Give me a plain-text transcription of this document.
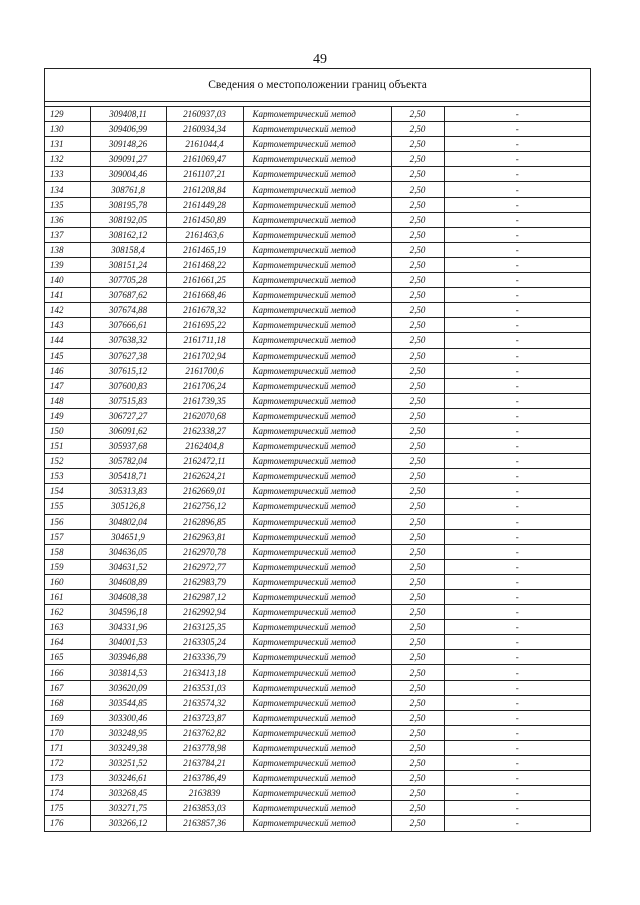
49
Сведения о местоположении границ объекта
129	309408,11	2160937,03	Картометрический метод	2,50	-
130	309406,99	2160934,34	Картометрический метод	2,50	-
131	309148,26	2161044,4	Картометрический метод	2,50	-
132	309091,27	2161069,47	Картометрический метод	2,50	-
133	309004,46	2161107,21	Картометрический метод	2,50	-
134	308761,8	2161208,84	Картометрический метод	2,50	-
135	308195,78	2161449,28	Картометрический метод	2,50	-
136	308192,05	2161450,89	Картометрический метод	2,50	-
137	308162,12	2161463,6	Картометрический метод	2,50	-
138	308158,4	2161465,19	Картометрический метод	2,50	-
139	308151,24	2161468,22	Картометрический метод	2,50	-
140	307705,28	2161661,25	Картометрический метод	2,50	-
141	307687,62	2161668,46	Картометрический метод	2,50	-
142	307674,88	2161678,32	Картометрический метод	2,50	-
143	307666,61	2161695,22	Картометрический метод	2,50	-
144	307638,32	2161711,18	Картометрический метод	2,50	-
145	307627,38	2161702,94	Картометрический метод	2,50	-
146	307615,12	2161700,6	Картометрический метод	2,50	-
147	307600,83	2161706,24	Картометрический метод	2,50	-
148	307515,83	2161739,35	Картометрический метод	2,50	-
149	306727,27	2162070,68	Картометрический метод	2,50	-
150	306091,62	2162338,27	Картометрический метод	2,50	-
151	305937,68	2162404,8	Картометрический метод	2,50	-
152	305782,04	2162472,11	Картометрический метод	2,50	-
153	305418,71	2162624,21	Картометрический метод	2,50	-
154	305313,83	2162669,01	Картометрический метод	2,50	-
155	305126,8	2162756,12	Картометрический метод	2,50	-
156	304802,04	2162896,85	Картометрический метод	2,50	-
157	304651,9	2162963,81	Картометрический метод	2,50	-
158	304636,05	2162970,78	Картометрический метод	2,50	-
159	304631,52	2162972,77	Картометрический метод	2,50	-
160	304608,89	2162983,79	Картометрический метод	2,50	-
161	304608,38	2162987,12	Картометрический метод	2,50	-
162	304596,18	2162992,94	Картометрический метод	2,50	-
163	304331,96	2163125,35	Картометрический метод	2,50	-
164	304001,53	2163305,24	Картометрический метод	2,50	-
165	303946,88	2163336,79	Картометрический метод	2,50	-
166	303814,53	2163413,18	Картометрический метод	2,50	-
167	303620,09	2163531,03	Картометрический метод	2,50	-
168	303544,85	2163574,32	Картометрический метод	2,50	-
169	303300,46	2163723,87	Картометрический метод	2,50	-
170	303248,95	2163762,82	Картометрический метод	2,50	-
171	303249,38	2163778,98	Картометрический метод	2,50	-
172	303251,52	2163784,21	Картометрический метод	2,50	-
173	303246,61	2163786,49	Картометрический метод	2,50	-
174	303268,45	2163839	Картометрический метод	2,50	-
175	303271,75	2163853,03	Картометрический метод	2,50	-
176	303266,12	2163857,36	Картометрический метод	2,50	-
